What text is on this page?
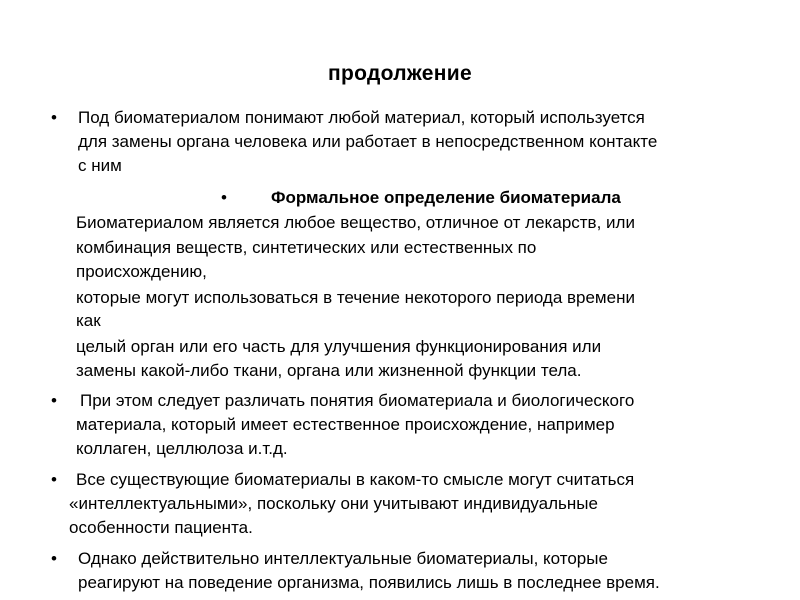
продолжение
• Под биоматериалом понимают любой материал, который используется
для замены органа человека или работает в непосредственном контакте
с ним
•	Формальное определение биоматериала
Биоматериалом является любое вещество, отличное от лекарств, или
комбинация веществ, синтетических или естественных по
происхождению,
которые могут использоваться в течение некоторого периода времени
как
целый орган или его часть для улучшения функционирования или
замены какой-либо ткани, органа или жизненной функции тела.
• При этом следует различать понятия биоматериала и биологического
материала, который имеет естественное происхождение, например
коллаген, целлюлоза и.т.д.
• Все существующие биоматериалы в каком-то смысле могут считаться
«интеллектуальными», поскольку они учитывают индивидуальные
особенности пациента.
• Однако действительно интеллектуальные биоматериалы, которые
реагируют на поведение организма, появились лишь в последнее время.
